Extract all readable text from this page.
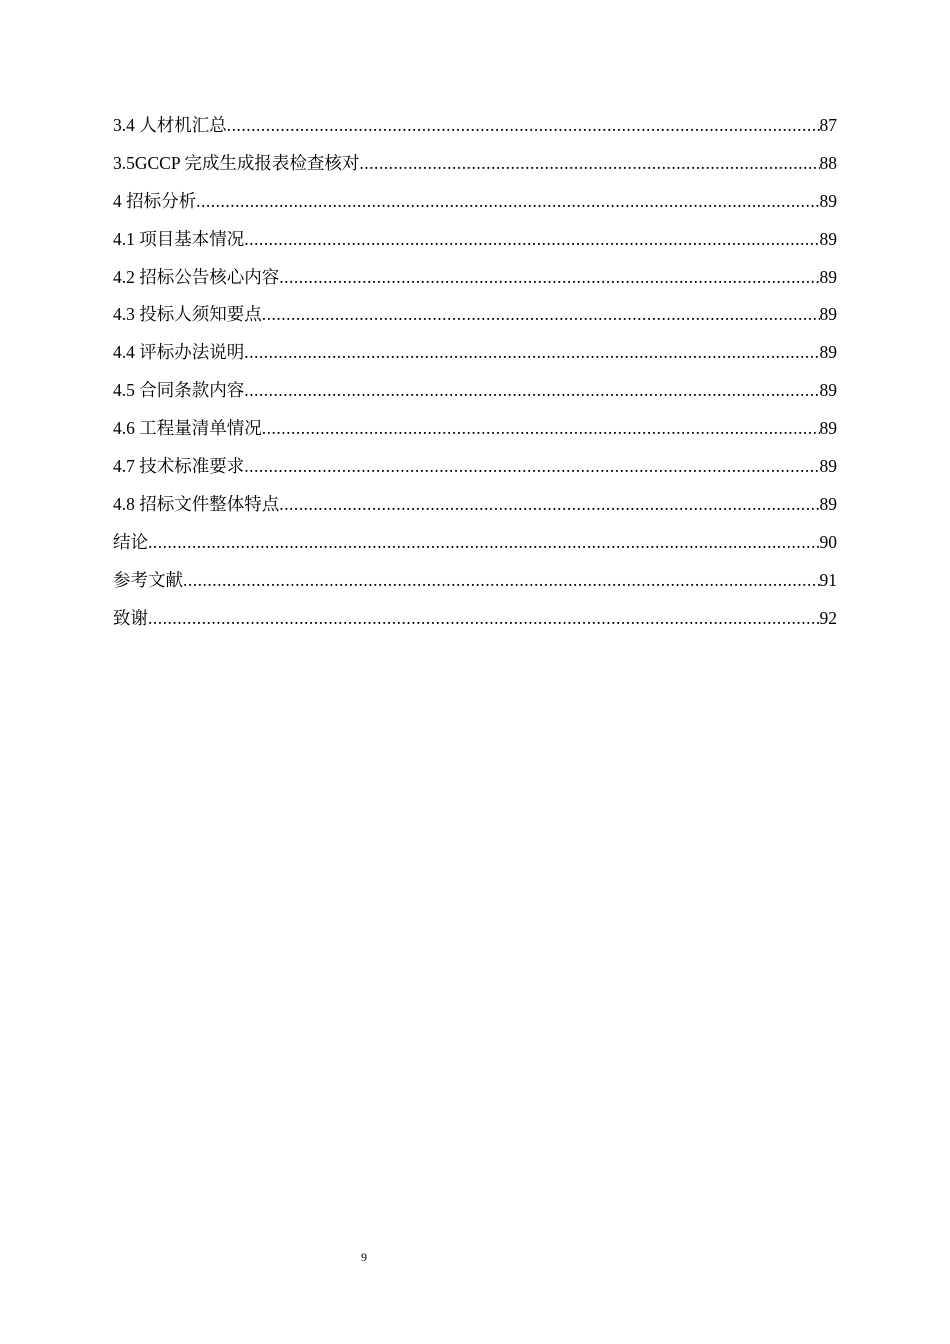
3.4 人材机汇总 .....	87
3.5GCCP 完成生成报表检查核对 .....	88
4 招标分析 .....	89
4.1 项目基本情况 .....	89
4.2 招标公告核心内容 .....	89
4.3 投标人须知要点 .....	89
4.4 评标办法说明 .....	89
4.5 合同条款内容 .....	89
4.6 工程量清单情况 .....	89
4.7 技术标准要求 .....	89
4.8 招标文件整体特点 .....	89
结论 .....	90
参考文献 .....	91
致谢 .....	92
9
